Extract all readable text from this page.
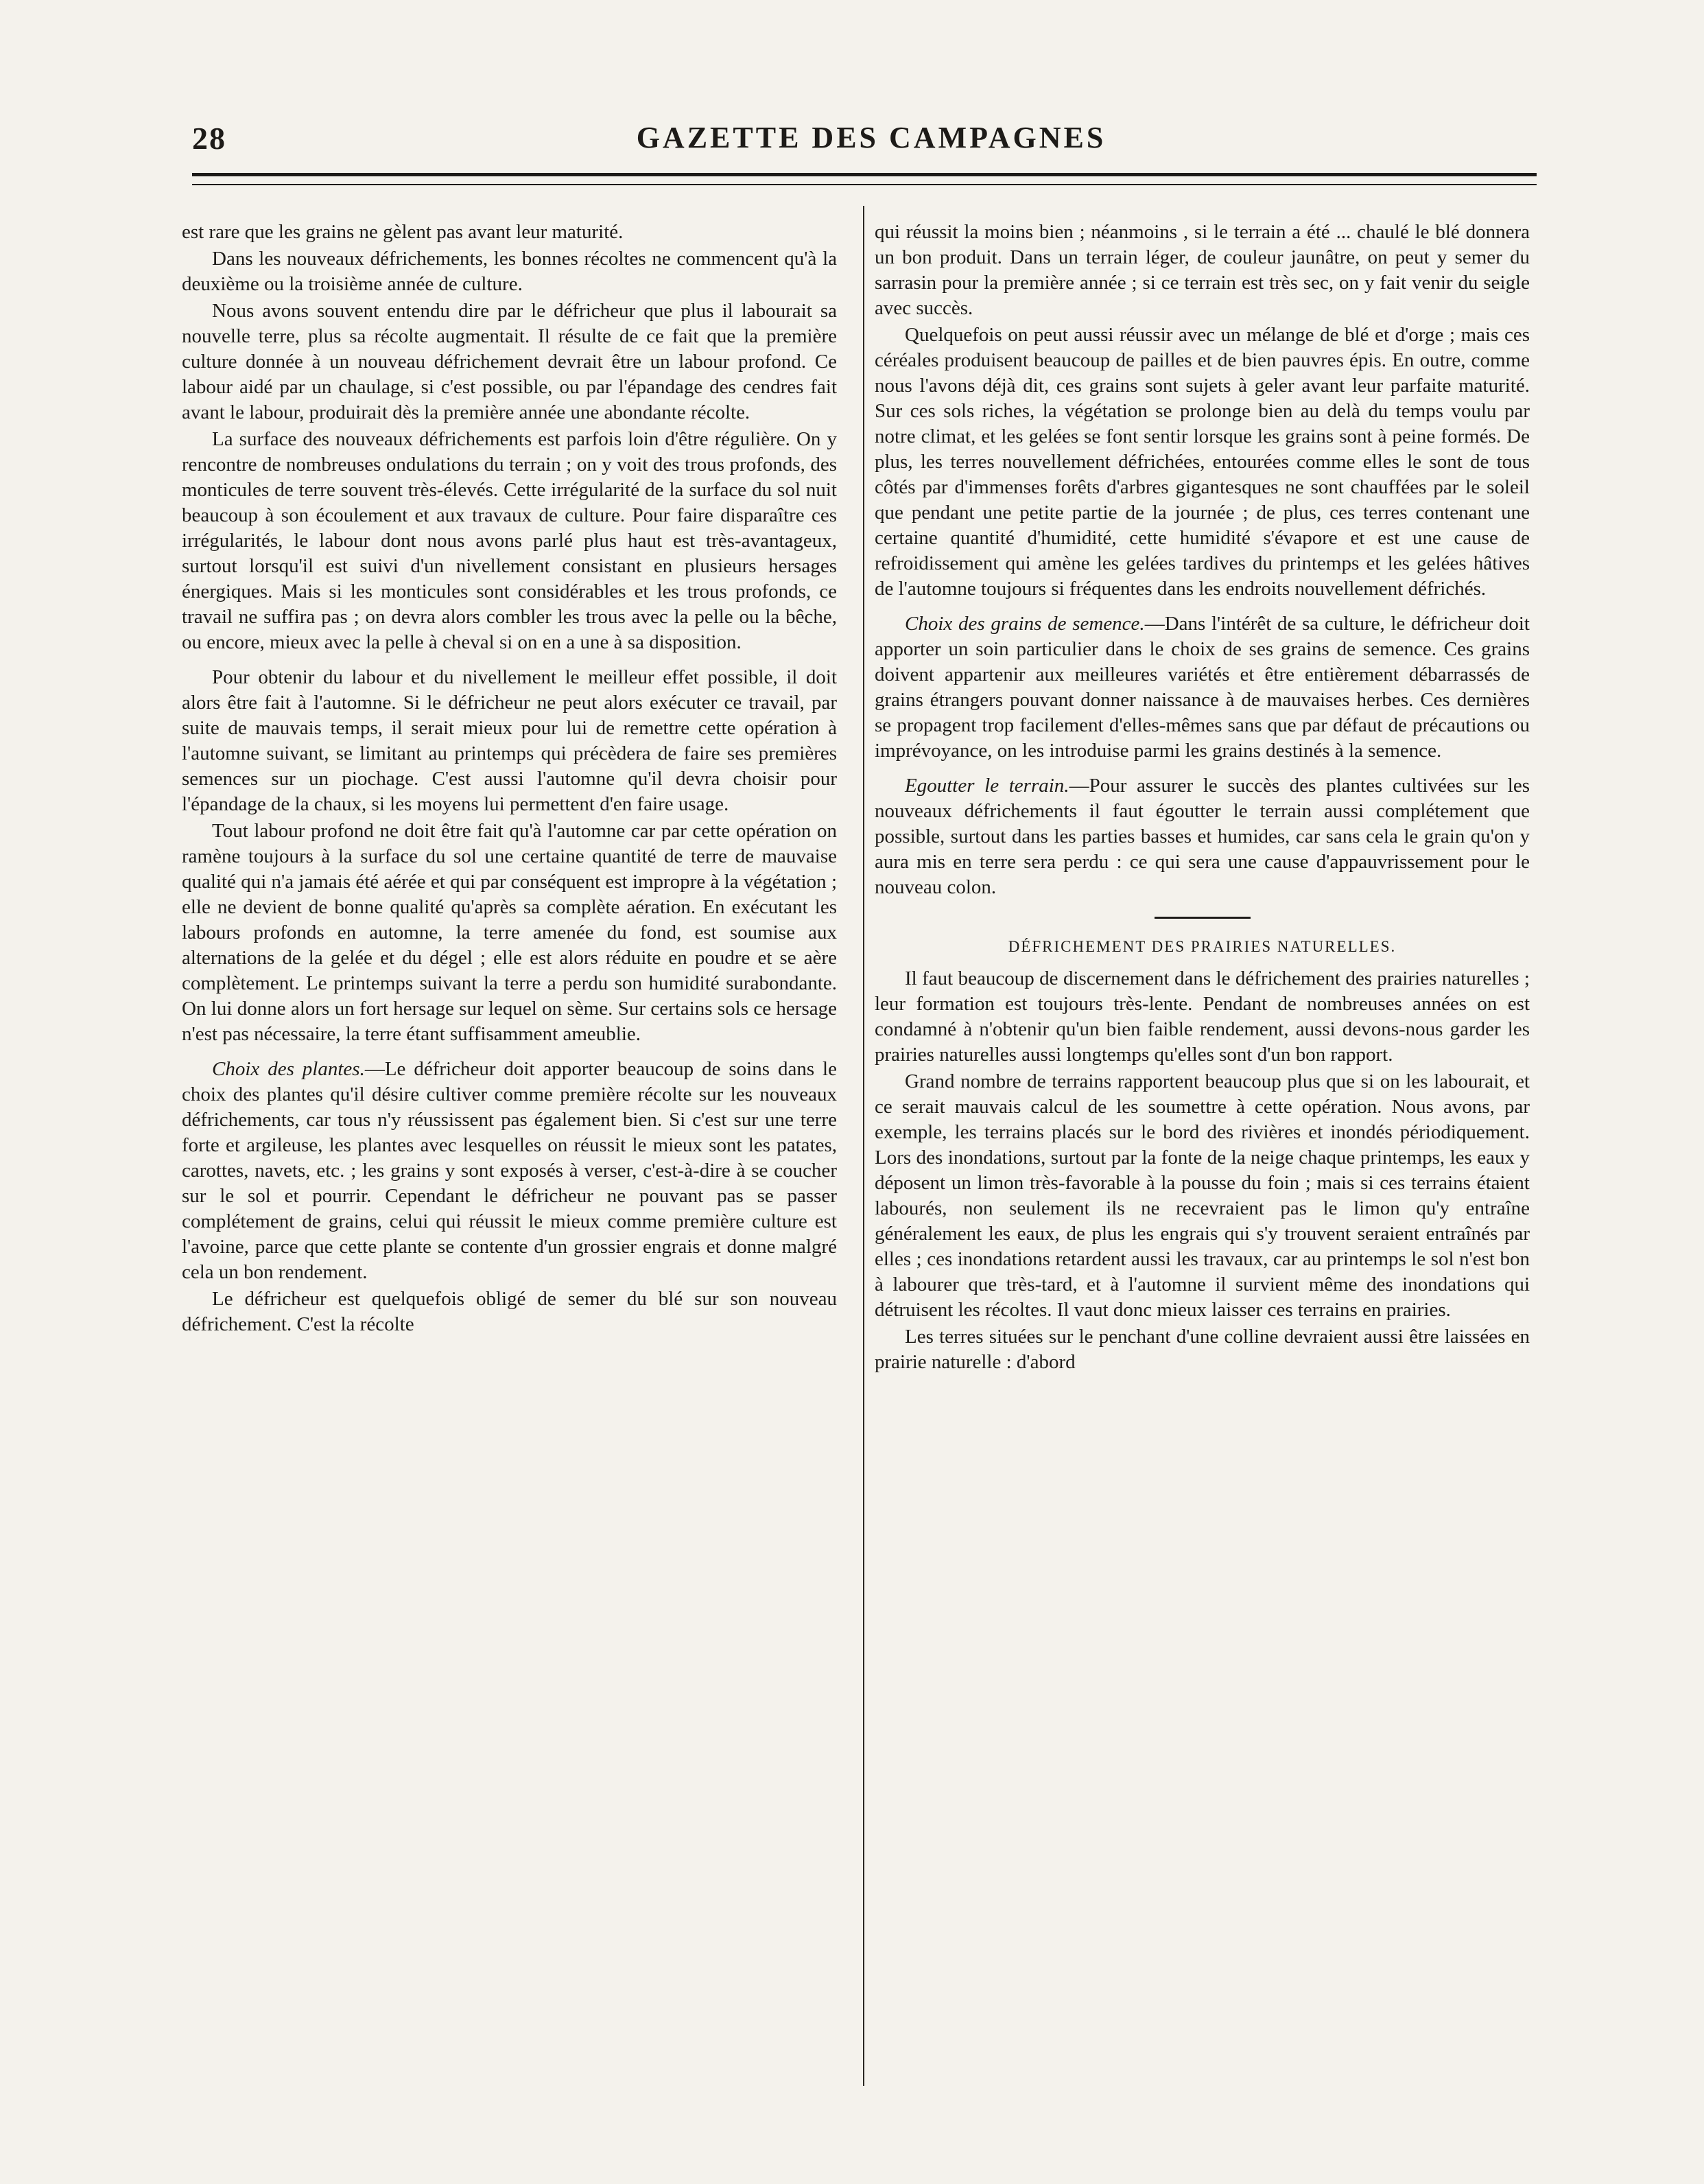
28	GAZETTE DES CAMPAGNES

est rare que les grains ne gèlent pas avant leur maturité.

Dans les nouveaux défrichements, les bonnes récoltes ne commencent qu'à la deuxième ou la troisième année de culture.

Nous avons souvent entendu dire par le défricheur que plus il labourait sa nouvelle terre, plus sa récolte augmentait. Il résulte de ce fait que la première culture donnée à un nouveau défrichement devrait être un labour profond. Ce labour aidé par un chaulage, si c'est possible, ou par l'épandage des cendres fait avant le labour, produirait dès la première année une abondante récolte.

La surface des nouveaux défrichements est parfois loin d'être régulière. On y rencontre de nombreuses ondulations du terrain ; on y voit des trous profonds, des monticules de terre souvent très-élevés. Cette irrégularité de la surface du sol nuit beaucoup à son écoulement et aux travaux de culture. Pour faire disparaître ces irrégularités, le labour dont nous avons parlé plus haut est très-avantageux, surtout lorsqu'il est suivi d'un nivellement consistant en plusieurs hersages énergiques. Mais si les monticules sont considérables et les trous profonds, ce travail ne suffira pas ; on devra alors combler les trous avec la pelle ou la bêche, ou encore, mieux avec la pelle à cheval si on en a une à sa disposition.

Pour obtenir du labour et du nivellement le meilleur effet possible, il doit alors être fait à l'automne. Si le défricheur ne peut alors exécuter ce travail, par suite de mauvais temps, il serait mieux pour lui de remettre cette opération à l'automne suivant, se limitant au printemps qui précèdera de faire ses premières semences sur un piochage. C'est aussi l'automne qu'il devra choisir pour l'épandage de la chaux, si les moyens lui permettent d'en faire usage.

Tout labour profond ne doit être fait qu'à l'automne car par cette opération on ramène toujours à la surface du sol une certaine quantité de terre de mauvaise qualité qui n'a jamais été aérée et qui par conséquent est impropre à la végétation ; elle ne devient de bonne qualité qu'après sa complète aération. En exécutant les labours profonds en automne, la terre amenée du fond, est soumise aux alternations de la gelée et du dégel ; elle est alors réduite en poudre et se aère complètement. Le printemps suivant la terre a perdu son humidité surabondante. On lui donne alors un fort hersage sur lequel on sème. Sur certains sols ce hersage n'est pas nécessaire, la terre étant suffisamment ameublie.

Choix des plantes.—Le défricheur doit apporter beaucoup de soins dans le choix des plantes qu'il désire cultiver comme première récolte sur les nouveaux défrichements, car tous n'y réussissent pas également bien. Si c'est sur une terre forte et argileuse, les plantes avec lesquelles on réussit le mieux sont les patates, carottes, navets, etc. ; les grains y sont exposés à verser, c'est-à-dire à se coucher sur le sol et pourrir. Cependant le défricheur ne pouvant pas se passer complétement de grains, celui qui réussit le mieux comme première culture est l'avoine, parce que cette plante se contente d'un grossier engrais et donne malgré cela un bon rendement.

Le défricheur est quelquefois obligé de semer du blé sur son nouveau défrichement. C'est la récolte

qui réussit la moins bien ; néanmoins , si le terrain a été ... chaulé le blé donnera un bon produit. Dans un terrain léger, de couleur jaunâtre, on peut y semer du sarrasin pour la première année ; si ce terrain est très sec, on y fait venir du seigle avec succès.

Quelquefois on peut aussi réussir avec un mélange de blé et d'orge ; mais ces céréales produisent beaucoup de pailles et de bien pauvres épis. En outre, comme nous l'avons déjà dit, ces grains sont sujets à geler avant leur parfaite maturité. Sur ces sols riches, la végétation se prolonge bien au delà du temps voulu par notre climat, et les gelées se font sentir lorsque les grains sont à peine formés. De plus, les terres nouvellement défrichées, entourées comme elles le sont de tous côtés par d'immenses forêts d'arbres gigantesques ne sont chauffées par le soleil que pendant une petite partie de la journée ; de plus, ces terres contenant une certaine quantité d'humidité, cette humidité s'évapore et est une cause de refroidissement qui amène les gelées tardives du printemps et les gelées hâtives de l'automne toujours si fréquentes dans les endroits nouvellement défrichés.

Choix des grains de semence.—Dans l'intérêt de sa culture, le défricheur doit apporter un soin particulier dans le choix de ses grains de semence. Ces grains doivent appartenir aux meilleures variétés et être entièrement débarrassés de grains étrangers pouvant donner naissance à de mauvaises herbes. Ces dernières se propagent trop facilement d'elles-mêmes sans que par défaut de précautions ou imprévoyance, on les introduise parmi les grains destinés à la semence.

Egoutter le terrain.—Pour assurer le succès des plantes cultivées sur les nouveaux défrichements il faut égoutter le terrain aussi complétement que possible, surtout dans les parties basses et humides, car sans cela le grain qu'on y aura mis en terre sera perdu : ce qui sera une cause d'appauvrissement pour le nouveau colon.

DÉFRICHEMENT DES PRAIRIES NATURELLES.

Il faut beaucoup de discernement dans le défrichement des prairies naturelles ; leur formation est toujours très-lente. Pendant de nombreuses années on est condamné à n'obtenir qu'un bien faible rendement, aussi devons-nous garder les prairies naturelles aussi longtemps qu'elles sont d'un bon rapport.

Grand nombre de terrains rapportent beaucoup plus que si on les labourait, et ce serait mauvais calcul de les soumettre à cette opération. Nous avons, par exemple, les terrains placés sur le bord des rivières et inondés périodiquement. Lors des inondations, surtout par la fonte de la neige chaque printemps, les eaux y déposent un limon très-favorable à la pousse du foin ; mais si ces terrains étaient labourés, non seulement ils ne recevraient pas le limon qu'y entraîne généralement les eaux, de plus les engrais qui s'y trouvent seraient entraînés par elles ; ces inondations retardent aussi les travaux, car au printemps le sol n'est bon à labourer que très-tard, et à l'automne il survient même des inondations qui détruisent les récoltes. Il vaut donc mieux laisser ces terrains en prairies.

Les terres situées sur le penchant d'une colline devraient aussi être laissées en prairie naturelle : d'abord
